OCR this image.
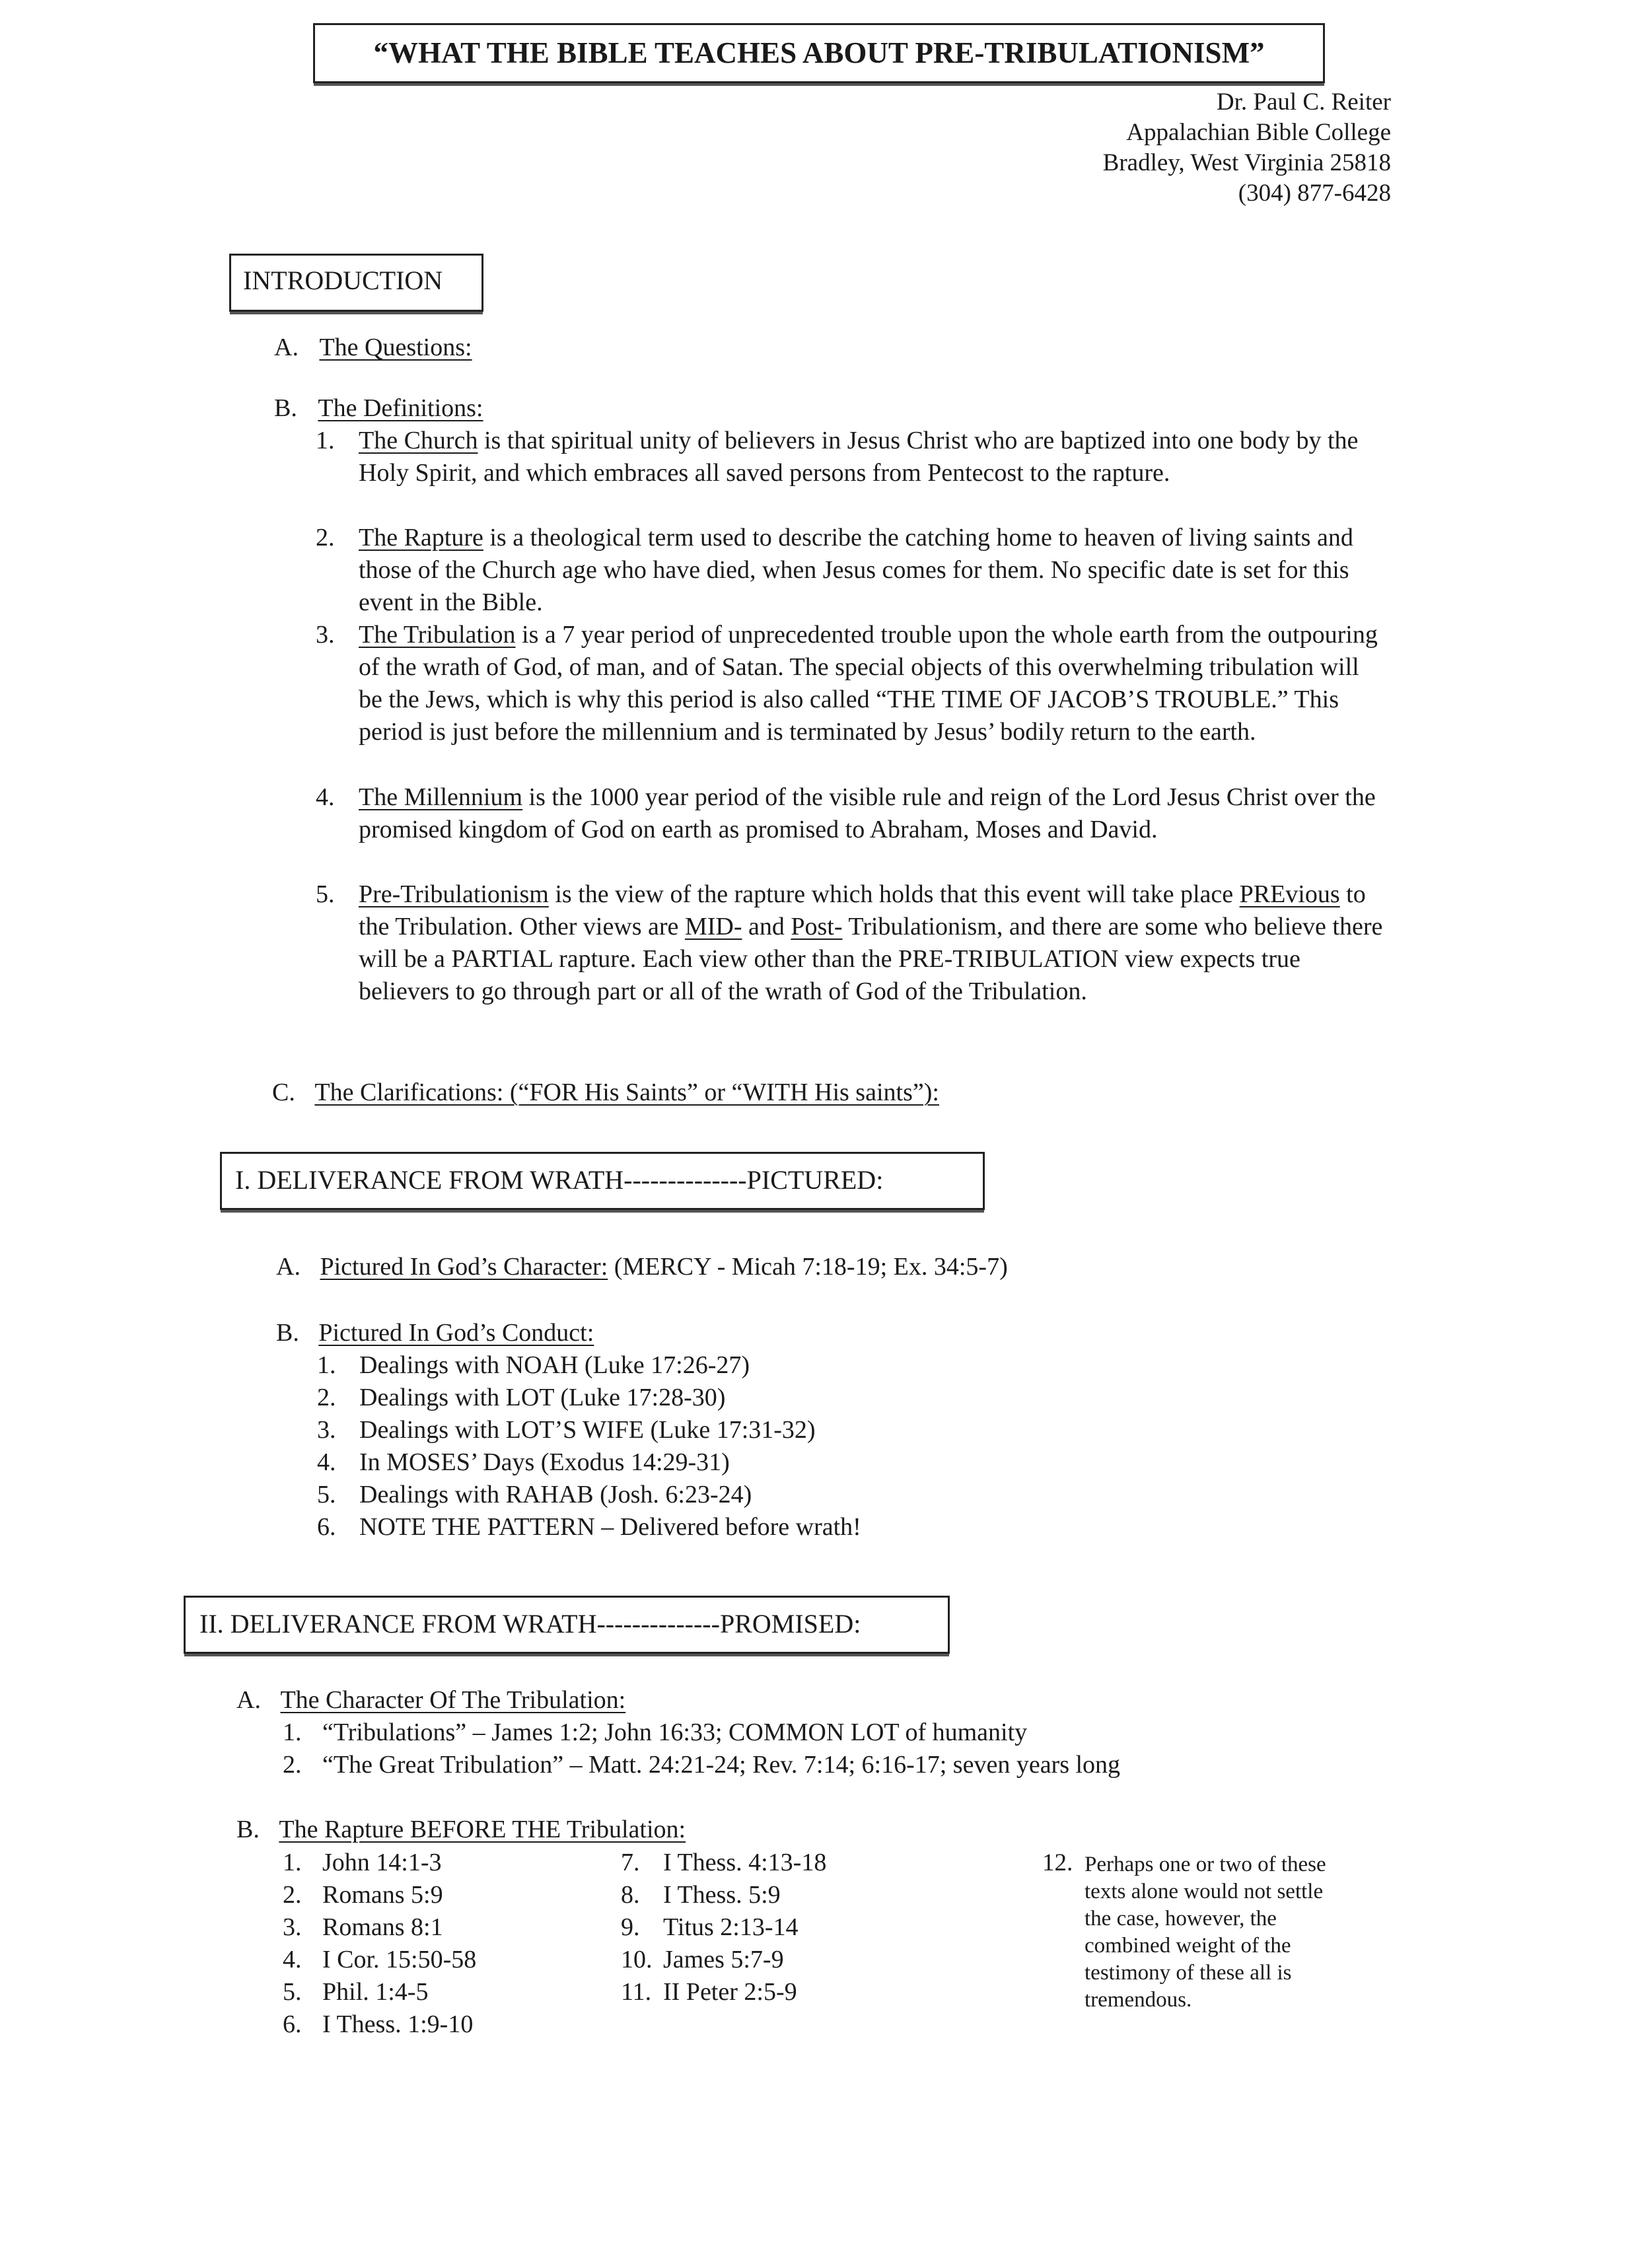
“WHAT THE BIBLE TEACHES ABOUT PRE-TRIBULATIONISM”
Dr. Paul C. Reiter
Appalachian Bible College
Bradley, West Virginia 25818
(304) 877-6428
INTRODUCTION
A. The Questions:
B. The Definitions:
1. The Church is that spiritual unity of believers in Jesus Christ who are baptized into one body by the Holy Spirit, and which embraces all saved persons from Pentecost to the rapture.
2. The Rapture is a theological term used to describe the catching home to heaven of living saints and those of the Church age who have died, when Jesus comes for them. No specific date is set for this event in the Bible.
3. The Tribulation is a 7 year period of unprecedented trouble upon the whole earth from the outpouring of the wrath of God, of man, and of Satan. The special objects of this overwhelming tribulation will be the Jews, which is why this period is also called “THE TIME OF JACOB’S TROUBLE.” This period is just before the millennium and is terminated by Jesus’ bodily return to the earth.
4. The Millennium is the 1000 year period of the visible rule and reign of the Lord Jesus Christ over the promised kingdom of God on earth as promised to Abraham, Moses and David.
5. Pre-Tribulationism is the view of the rapture which holds that this event will take place PREvious to the Tribulation. Other views are MID- and Post- Tribulationism, and there are some who believe there will be a PARTIAL rapture. Each view other than the PRE-TRIBULATION view expects true believers to go through part or all of the wrath of God of the Tribulation.
C. The Clarifications: (“FOR His Saints” or “WITH His saints”):
I. DELIVERANCE FROM WRATH--------------PICTURED:
A. Pictured In God’s Character: (MERCY - Micah 7:18-19; Ex. 34:5-7)
B. Pictured In God’s Conduct:
1. Dealings with NOAH (Luke 17:26-27)
2. Dealings with LOT (Luke 17:28-30)
3. Dealings with LOT’S WIFE (Luke 17:31-32)
4. In MOSES’ Days (Exodus 14:29-31)
5. Dealings with RAHAB (Josh. 6:23-24)
6. NOTE THE PATTERN – Delivered before wrath!
II. DELIVERANCE FROM WRATH--------------PROMISED:
A. The Character Of The Tribulation:
1. “Tribulations” – James 1:2; John 16:33; COMMON LOT of humanity
2. “The Great Tribulation” – Matt. 24:21-24; Rev. 7:14; 6:16-17; seven years long
B. The Rapture BEFORE THE Tribulation:
1. John 14:1-3
2. Romans 5:9
3. Romans 8:1
4. I Cor. 15:50-58
5. Phil. 1:4-5
6. I Thess. 1:9-10
7. I Thess. 4:13-18
8. I Thess. 5:9
9. Titus 2:13-14
10. James 5:7-9
11. II Peter 2:5-9
12. Perhaps one or two of these
texts alone would not settle
the case, however, the
combined weight of the
testimony of these all is
tremendous.
